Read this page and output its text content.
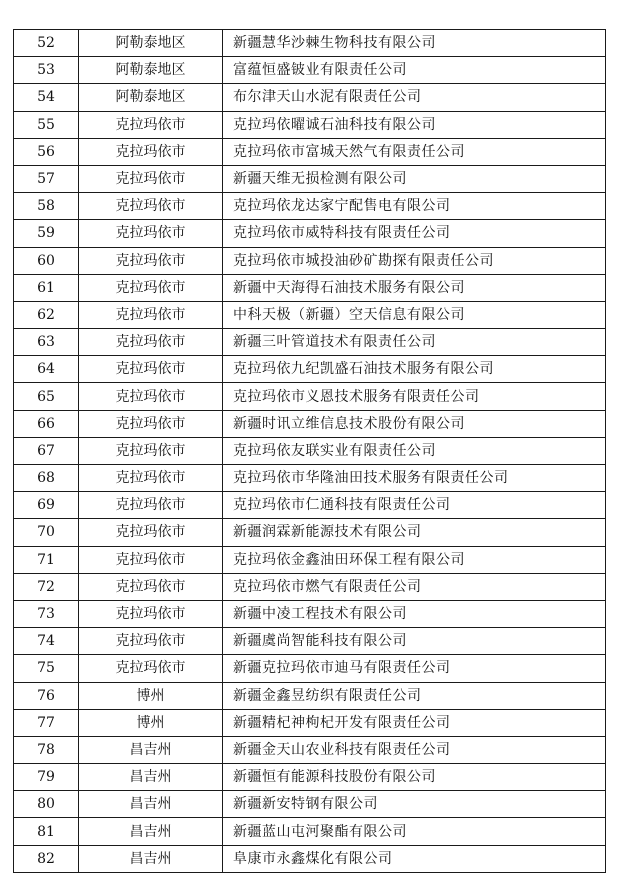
52	阿勒泰地区	新疆慧华沙棘生物科技有限公司
53	阿勒泰地区	富蕴恒盛铍业有限责任公司
54	阿勒泰地区	布尔津天山水泥有限责任公司
55	克拉玛依市	克拉玛依曜诚石油科技有限公司
56	克拉玛依市	克拉玛依市富城天然气有限责任公司
57	克拉玛依市	新疆天维无损检测有限公司
58	克拉玛依市	克拉玛依龙达家宁配售电有限公司
59	克拉玛依市	克拉玛依市威特科技有限责任公司
60	克拉玛依市	克拉玛依市城投油砂矿勘探有限责任公司
61	克拉玛依市	新疆中天海得石油技术服务有限公司
62	克拉玛依市	中科天极（新疆）空天信息有限公司
63	克拉玛依市	新疆三叶管道技术有限责任公司
64	克拉玛依市	克拉玛依九纪凯盛石油技术服务有限公司
65	克拉玛依市	克拉玛依市义恩技术服务有限责任公司
66	克拉玛依市	新疆时讯立维信息技术股份有限公司
67	克拉玛依市	克拉玛依友联实业有限责任公司
68	克拉玛依市	克拉玛依市华隆油田技术服务有限责任公司
69	克拉玛依市	克拉玛依市仁通科技有限责任公司
70	克拉玛依市	新疆润霖新能源技术有限公司
71	克拉玛依市	克拉玛依金鑫油田环保工程有限公司
72	克拉玛依市	克拉玛依市燃气有限责任公司
73	克拉玛依市	新疆中凌工程技术有限公司
74	克拉玛依市	新疆虞尚智能科技有限公司
75	克拉玛依市	新疆克拉玛依市迪马有限责任公司
76	博州	新疆金鑫昱纺织有限责任公司
77	博州	新疆精杞神枸杞开发有限责任公司
78	昌吉州	新疆金天山农业科技有限责任公司
79	昌吉州	新疆恒有能源科技股份有限公司
80	昌吉州	新疆新安特钢有限公司
81	昌吉州	新疆蓝山屯河聚酯有限公司
82	昌吉州	阜康市永鑫煤化有限公司
